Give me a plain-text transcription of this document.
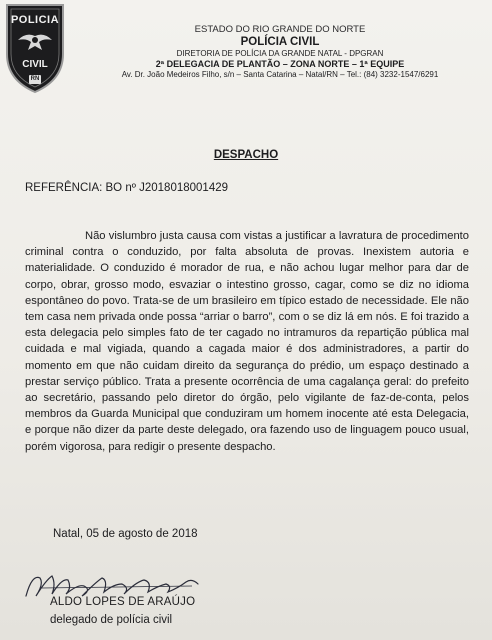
POLICIA
CIVIL
RN
ESTADO DO RIO GRANDE DO NORTE
POLÍCIA CIVIL
DIRETORIA DE POLÍCIA DA GRANDE NATAL - DPGRAN
2ª DELEGACIA DE PLANTÃO – ZONA NORTE – 1ª EQUIPE
Av. Dr. João Medeiros Filho, s/n – Santa Catarina – Natal/RN – Tel.: (84) 3232-1547/6291
DESPACHO
REFERÊNCIA: BO nº J2018018001429
Não vislumbro justa causa com vistas a justificar a lavratura de procedimento criminal contra o conduzido, por falta absoluta de provas. Inexistem autoria e materialidade. O conduzido é morador de rua, e não achou lugar melhor para dar de corpo, obrar, grosso modo, esvaziar o intestino grosso, cagar, como se diz no idioma espontâneo do povo. Trata-se de um brasileiro em típico estado de necessidade. Ele não tem casa nem privada onde possa “arriar o barro”, com o se diz lá em nós. E foi trazido a esta delegacia pelo simples fato de ter cagado no intramuros da repartição pública mal cuidada e mal vigiada, quando a cagada maior é dos administradores, a partir do momento em que não cuidam direito da segurança do prédio, um espaço destinado a prestar serviço público. Trata a presente ocorrência de uma cagalança geral: do prefeito ao secretário, passando pelo diretor do órgão, pelo vigilante de faz-de-conta, pelos membros da Guarda Municipal que conduziram um homem inocente até esta Delegacia, e porque não dizer da parte deste delegado, ora fazendo uso de linguagem pouco usual, porém vigorosa, para redigir o presente despacho.
Natal, 05 de agosto de 2018
ALDO LOPES DE ARAÚJO
delegado de polícia civil
